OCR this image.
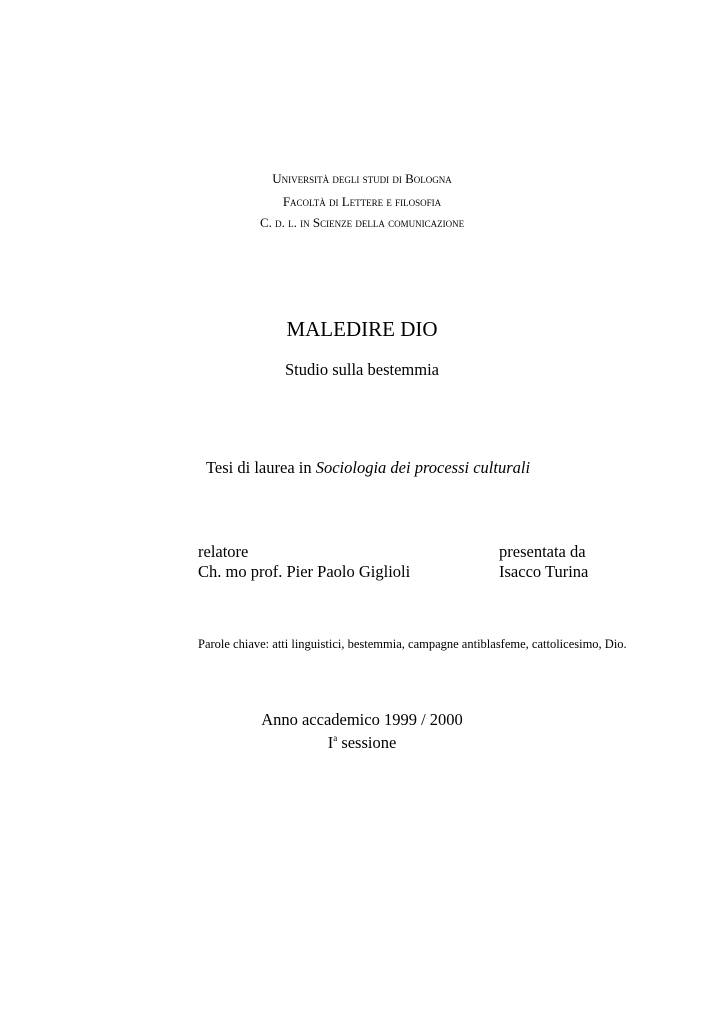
Università degli studi di Bologna
Facoltà di Lettere e filosofia
C. d. l. in Scienze della comunicazione
MALEDIRE DIO
Studio sulla bestemmia
Tesi di laurea in Sociologia dei processi culturali
relatore
Ch. mo prof. Pier Paolo Giglioli
presentata da
Isacco Turina
Parole chiave: atti linguistici, bestemmia, campagne antiblasfeme, cattolicesimo, Dio.
Anno accademico 1999 / 2000
$I^a$ sessione
